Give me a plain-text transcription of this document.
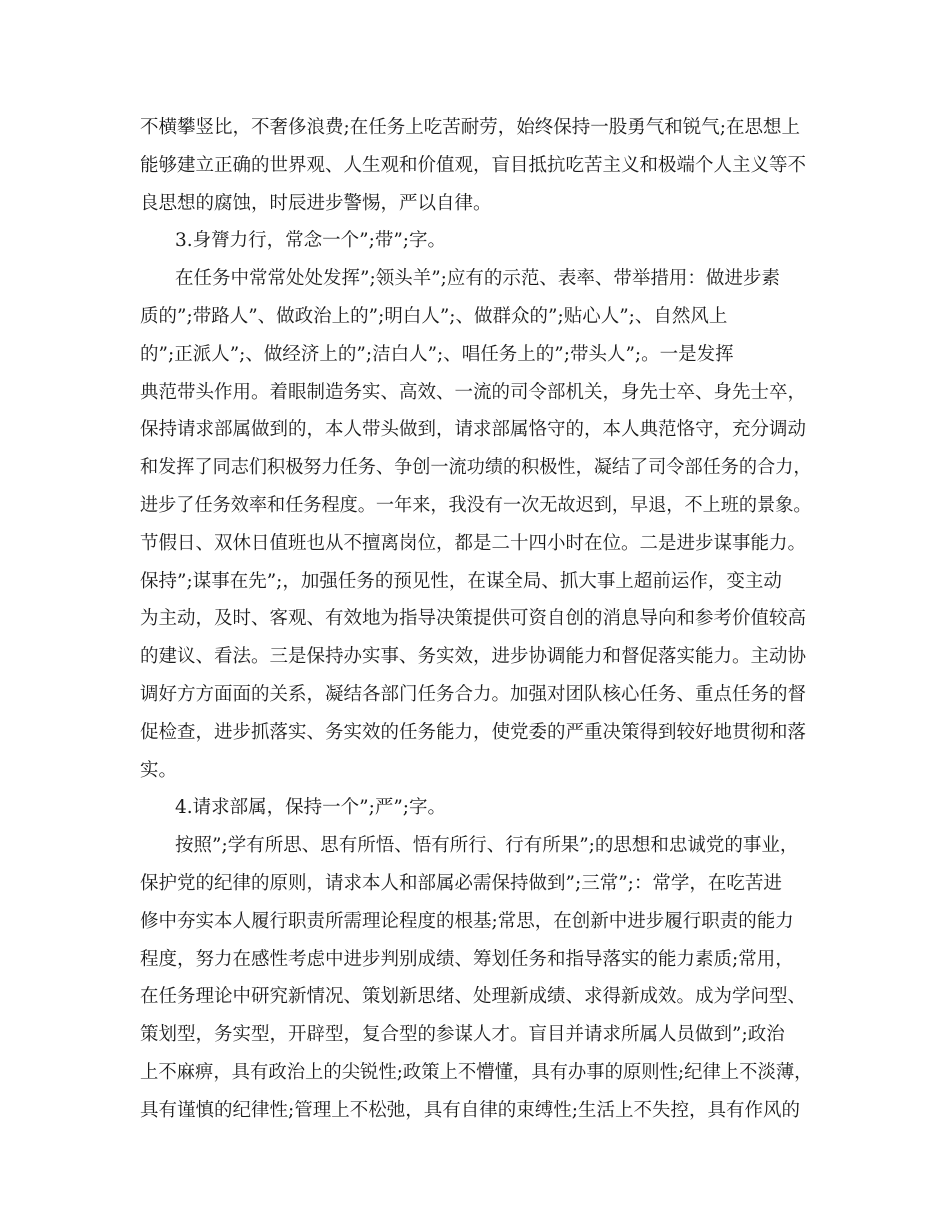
不横攀竖比，不奢侈浪费;在任务上吃苦耐劳，始终保持一股勇气和锐气;在思想上
能够建立正确的世界观、人生观和价值观，盲目抵抗吃苦主义和极端个人主义等不
良思想的腐蚀，时辰进步警惕，严以自律。
3.身膂力行，常念一个”;带”;字。
在任务中常常处处发挥”;领头羊”;应有的示范、表率、带举措用：做进步素
质的”;带路人”、做政治上的”;明白人”;、做群众的”;贴心人”;、自然风上
的”;正派人”;、做经济上的”;洁白人”;、唱任务上的”;带头人”;。一是发挥
典范带头作用。着眼制造务实、高效、一流的司令部机关，身先士卒、身先士卒，
保持请求部属做到的，本人带头做到，请求部属恪守的，本人典范恪守，充分调动
和发挥了同志们积极努力任务、争创一流功绩的积极性，凝结了司令部任务的合力，
进步了任务效率和任务程度。一年来，我没有一次无故迟到，早退，不上班的景象。
节假日、双休日值班也从不擅离岗位，都是二十四小时在位。二是进步谋事能力。
保持”;谋事在先”;，加强任务的预见性，在谋全局、抓大事上超前运作，变主动
为主动，及时、客观、有效地为指导决策提供可资自创的消息导向和参考价值较高
的建议、看法。三是保持办实事、务实效，进步协调能力和督促落实能力。主动协
调好方方面面的关系，凝结各部门任务合力。加强对团队核心任务、重点任务的督
促检查，进步抓落实、务实效的任务能力，使党委的严重决策得到较好地贯彻和落
实。
4.请求部属，保持一个”;严”;字。
按照”;学有所思、思有所悟、悟有所行、行有所果”;的思想和忠诚党的事业，
保护党的纪律的原则，请求本人和部属必需保持做到”;三常”;：常学，在吃苦进
修中夯实本人履行职责所需理论程度的根基;常思，在创新中进步履行职责的能力
程度，努力在感性考虑中进步判别成绩、筹划任务和指导落实的能力素质;常用，
在任务理论中研究新情况、策划新思绪、处理新成绩、求得新成效。成为学问型、
策划型，务实型，开辟型，复合型的参谋人才。盲目并请求所属人员做到”;政治
上不麻痹，具有政治上的尖锐性;政策上不懵懂，具有办事的原则性;纪律上不淡薄，
具有谨慎的纪律性;管理上不松弛，具有自律的束缚性;生活上不失控，具有作风的
